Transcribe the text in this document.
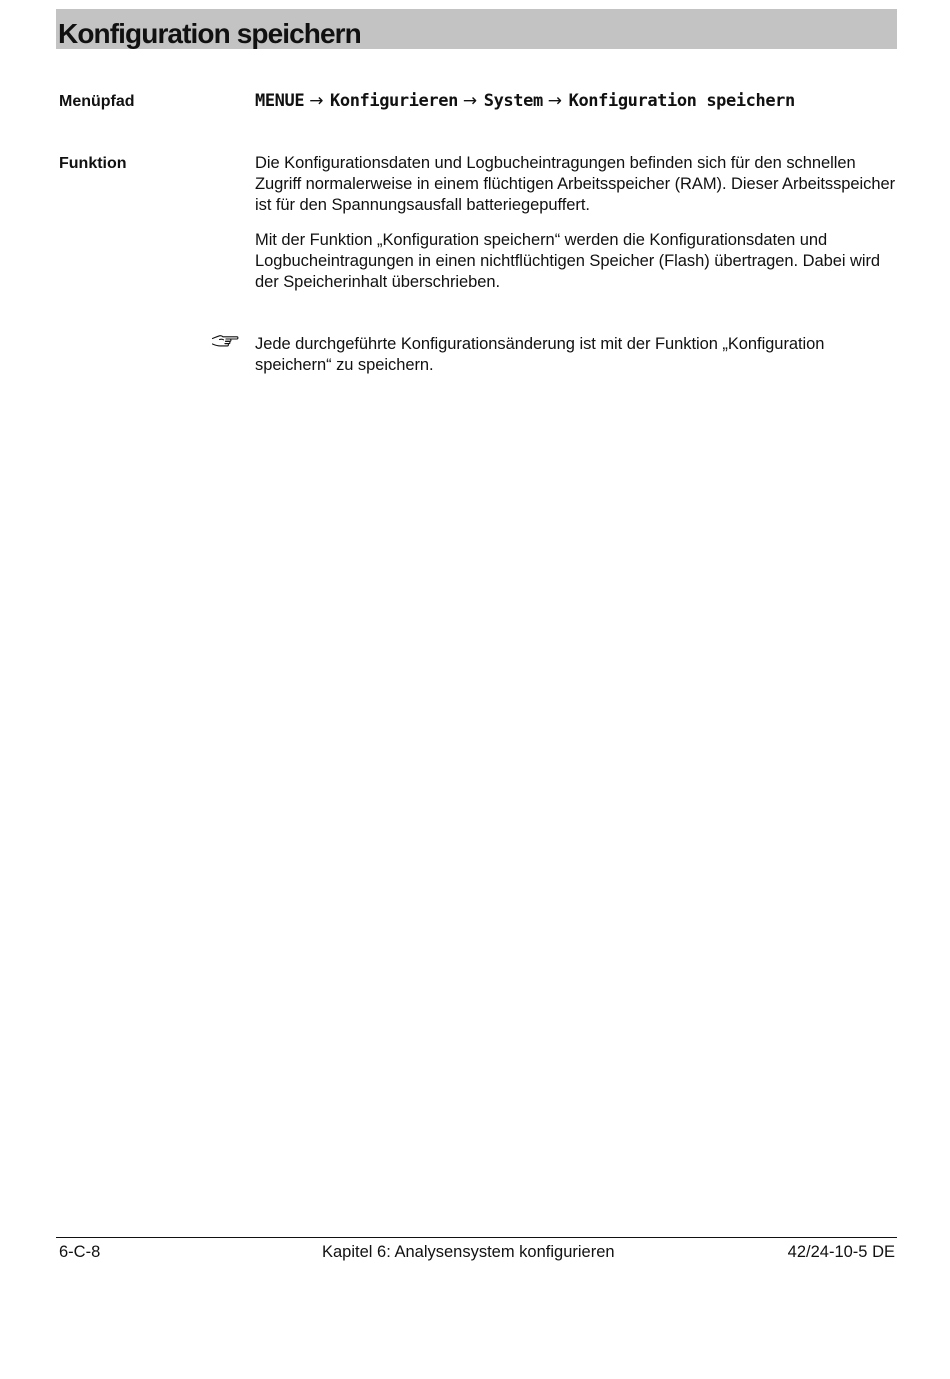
Konfiguration speichern
Menüpfad	MENUE → Konfigurieren → System → Konfiguration speichern
Funktion	Die Konfigurationsdaten und Logbucheintragungen befinden sich für den schnellen Zugriff normalerweise in einem flüchtigen Arbeitsspeicher (RAM). Dieser Arbeitsspeicher ist für den Spannungsausfall batteriegepuffert.

Mit der Funktion „Konfiguration speichern“ werden die Konfigurationsdaten und Logbucheintragungen in einen nichtflüchtigen Speicher (Flash) übertragen. Dabei wird der Speicherinhalt überschrieben.

Jede durchgeführte Konfigurationsänderung ist mit der Funktion „Konfiguration speichern“ zu speichern.

6-C-8	Kapitel 6: Analysensystem konfigurieren	42/24-10-5 DE
